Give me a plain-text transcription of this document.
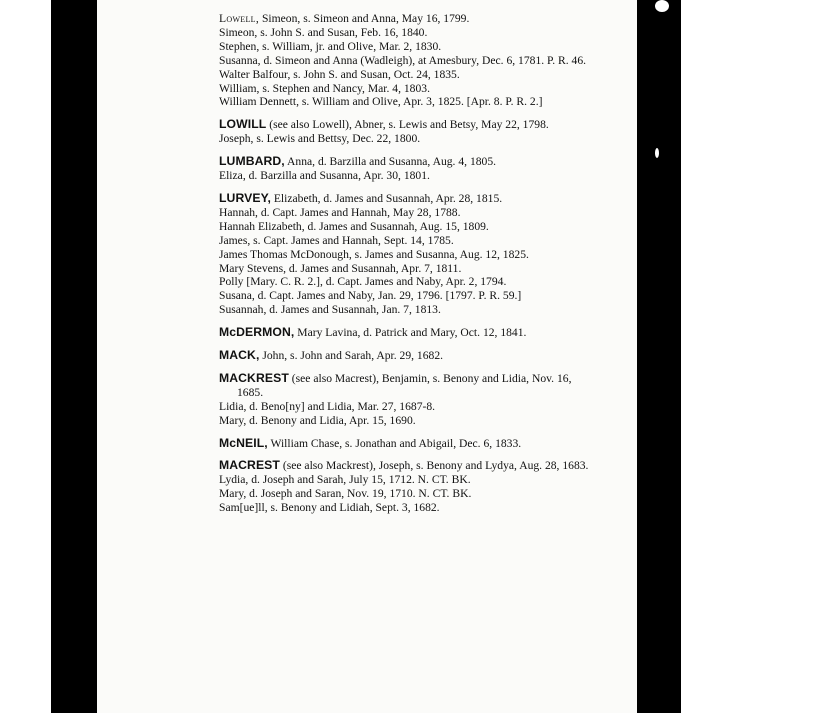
Lowell, Simeon, s. Simeon and Anna, May 16, 1799.
Simeon, s. John S. and Susan, Feb. 16, 1840.
Stephen, s. William, jr. and Olive, Mar. 2, 1830.
Susanna, d. Simeon and Anna (Wadleigh), at Amesbury, Dec. 6, 1781. P. R. 46.
Walter Balfour, s. John S. and Susan, Oct. 24, 1835.
William, s. Stephen and Nancy, Mar. 4, 1803.
William Dennett, s. William and Olive, Apr. 3, 1825. [Apr. 8. P. R. 2.]
LOWILL (see also Lowell), Abner, s. Lewis and Betsy, May 22, 1798.
Joseph, s. Lewis and Bettsy, Dec. 22, 1800.
LUMBARD, Anna, d. Barzilla and Susanna, Aug. 4, 1805.
Eliza, d. Barzilla and Susanna, Apr. 30, 1801.
LURVEY, Elizabeth, d. James and Susannah, Apr. 28, 1815.
Hannah, d. Capt. James and Hannah, May 28, 1788.
Hannah Elizabeth, d. James and Susannah, Aug. 15, 1809.
James, s. Capt. James and Hannah, Sept. 14, 1785.
James Thomas McDonough, s. James and Susanna, Aug. 12, 1825.
Mary Stevens, d. James and Susannah, Apr. 7, 1811.
Polly [Mary. C. R. 2.], d. Capt. James and Naby, Apr. 2, 1794.
Susana, d. Capt. James and Naby, Jan. 29, 1796. [1797. P. R. 59.]
Susannah, d. James and Susannah, Jan. 7, 1813.
McDERMON, Mary Lavina, d. Patrick and Mary, Oct. 12, 1841.
MACK, John, s. John and Sarah, Apr. 29, 1682.
MACKREST (see also Macrest), Benjamin, s. Benony and Lidia, Nov. 16, 1685.
Lidia, d. Beno[ny] and Lidia, Mar. 27, 1687-8.
Mary, d. Benony and Lidia, Apr. 15, 1690.
McNEIL, William Chase, s. Jonathan and Abigail, Dec. 6, 1833.
MACREST (see also Mackrest), Joseph, s. Benony and Lydya, Aug. 28, 1683.
Lydia, d. Joseph and Sarah, July 15, 1712. N. CT. BK.
Mary, d. Joseph and Saran, Nov. 19, 1710. N. CT. BK.
Sam[ue]ll, s. Benony and Lidiah, Sept. 3, 1682.
